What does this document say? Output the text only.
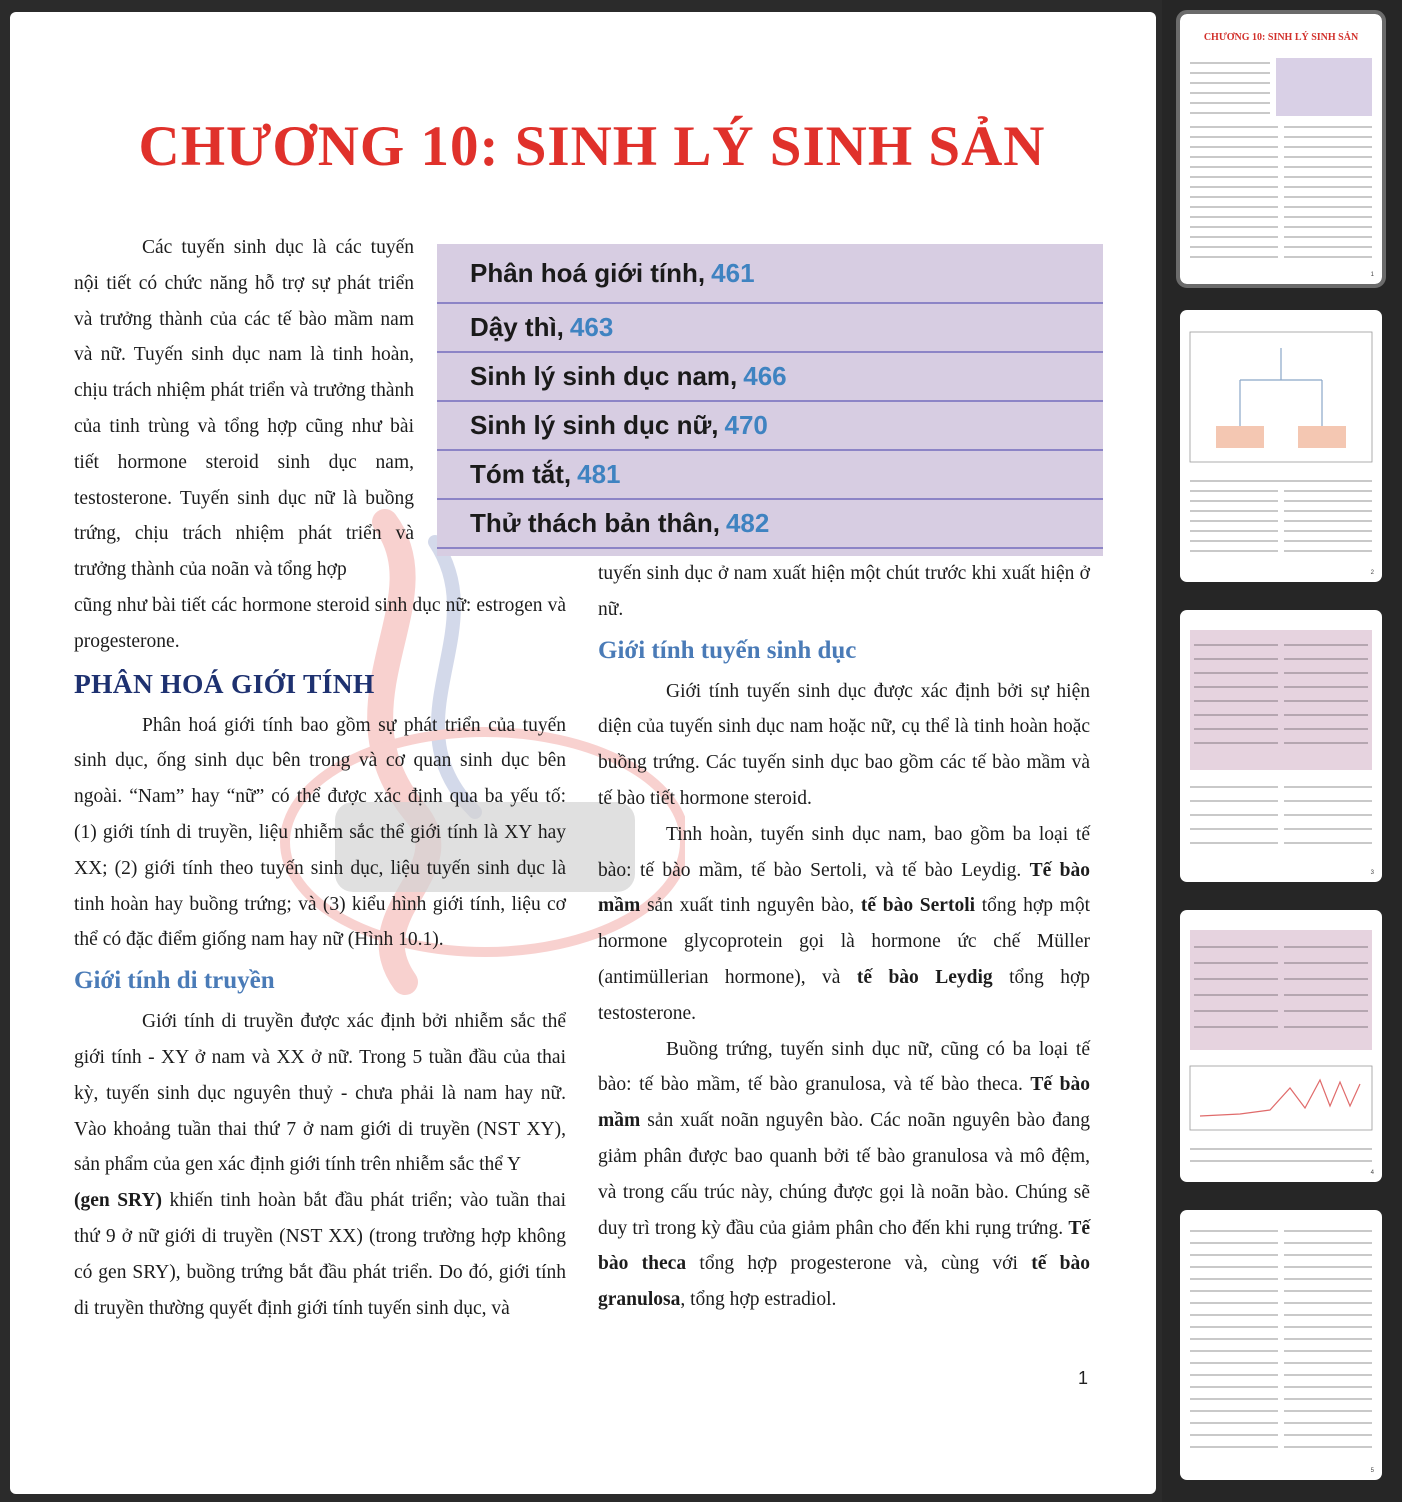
CHƯƠNG 10: SINH LÝ SINH SẢN
Phân hoá giới tính, 461
Dậy thì, 463
Sinh lý sinh dục nam, 466
Sinh lý sinh dục nữ, 470
Tóm tắt, 481
Thử thách bản thân, 482

Các tuyến sinh dục là các tuyến nội tiết có chức năng hỗ trợ sự phát triển và trưởng thành của các tế bào mầm nam và nữ. Tuyến sinh dục nam là tinh hoàn, chịu trách nhiệm phát triển và trưởng thành của tinh trùng và tổng hợp cũng như bài tiết hormone steroid sinh dục nam, testosterone. Tuyến sinh dục nữ là buồng trứng, chịu trách nhiệm phát triển và trưởng thành của noãn và tổng hợp

cũng như bài tiết các hormone steroid sinh dục nữ: estrogen và progesterone.

PHÂN HOÁ GIỚI TÍNH

Phân hoá giới tính bao gồm sự phát triển của tuyến sinh dục, ống sinh dục bên trong và cơ quan sinh dục bên ngoài. “Nam” hay “nữ” có thể được xác định qua ba yếu tố: (1) giới tính di truyền, liệu nhiễm sắc thể giới tính là XY hay XX; (2) giới tính theo tuyến sinh dục, liệu tuyến sinh dục là tinh hoàn hay buồng trứng; và (3) kiểu hình giới tính, liệu cơ thể có đặc điểm giống nam hay nữ (Hình 10.1).

Giới tính di truyền

Giới tính di truyền được xác định bởi nhiễm sắc thể giới tính - XY ở nam và XX ở nữ. Trong 5 tuần đầu của thai kỳ, tuyến sinh dục nguyên thuỷ - chưa phải là nam hay nữ. Vào khoảng tuần thai thứ 7 ở nam giới di truyền (NST XY), sản phẩm của gen xác định giới tính trên nhiễm sắc thể Y
(gen SRY) khiến tinh hoàn bắt đầu phát triển; vào tuần thai thứ 9 ở nữ giới di truyền (NST XX) (trong trường hợp không có gen SRY), buồng trứng bắt đầu phát triển. Do đó, giới tính di truyền thường quyết định giới tính tuyến sinh dục, và

tuyến sinh dục ở nam xuất hiện một chút trước khi xuất hiện ở nữ.

Giới tính tuyến sinh dục

Giới tính tuyến sinh dục được xác định bởi sự hiện diện của tuyến sinh dục nam hoặc nữ, cụ thể là tinh hoàn hoặc buồng trứng. Các tuyến sinh dục bao gồm các tế bào mầm và tế bào tiết hormone steroid.

Tinh hoàn, tuyến sinh dục nam, bao gồm ba loại tế bào: tế bào mầm, tế bào Sertoli, và tế bào Leydig. Tế bào mầm sản xuất tinh nguyên bào, tế bào Sertoli tổng hợp một hormone glycoprotein gọi là hormone ức chế Müller (antimüllerian hormone), và tế bào Leydig tổng hợp testosterone.

Buồng trứng, tuyến sinh dục nữ, cũng có ba loại tế bào: tế bào mầm, tế bào granulosa, và tế bào theca. Tế bào mầm sản xuất noãn nguyên bào. Các noãn nguyên bào đang giảm phân được bao quanh bởi tế bào granulosa và mô đệm, và trong cấu trúc này, chúng được gọi là noãn bào. Chúng sẽ duy trì trong kỳ đầu của giảm phân cho đến khi rụng trứng. Tế bào theca tổng hợp progesterone và, cùng với tế bào granulosa, tổng hợp estradiol.

1
CHƯƠNG 10: SINH LÝ SINH SẢN
1
2
3
4
5
